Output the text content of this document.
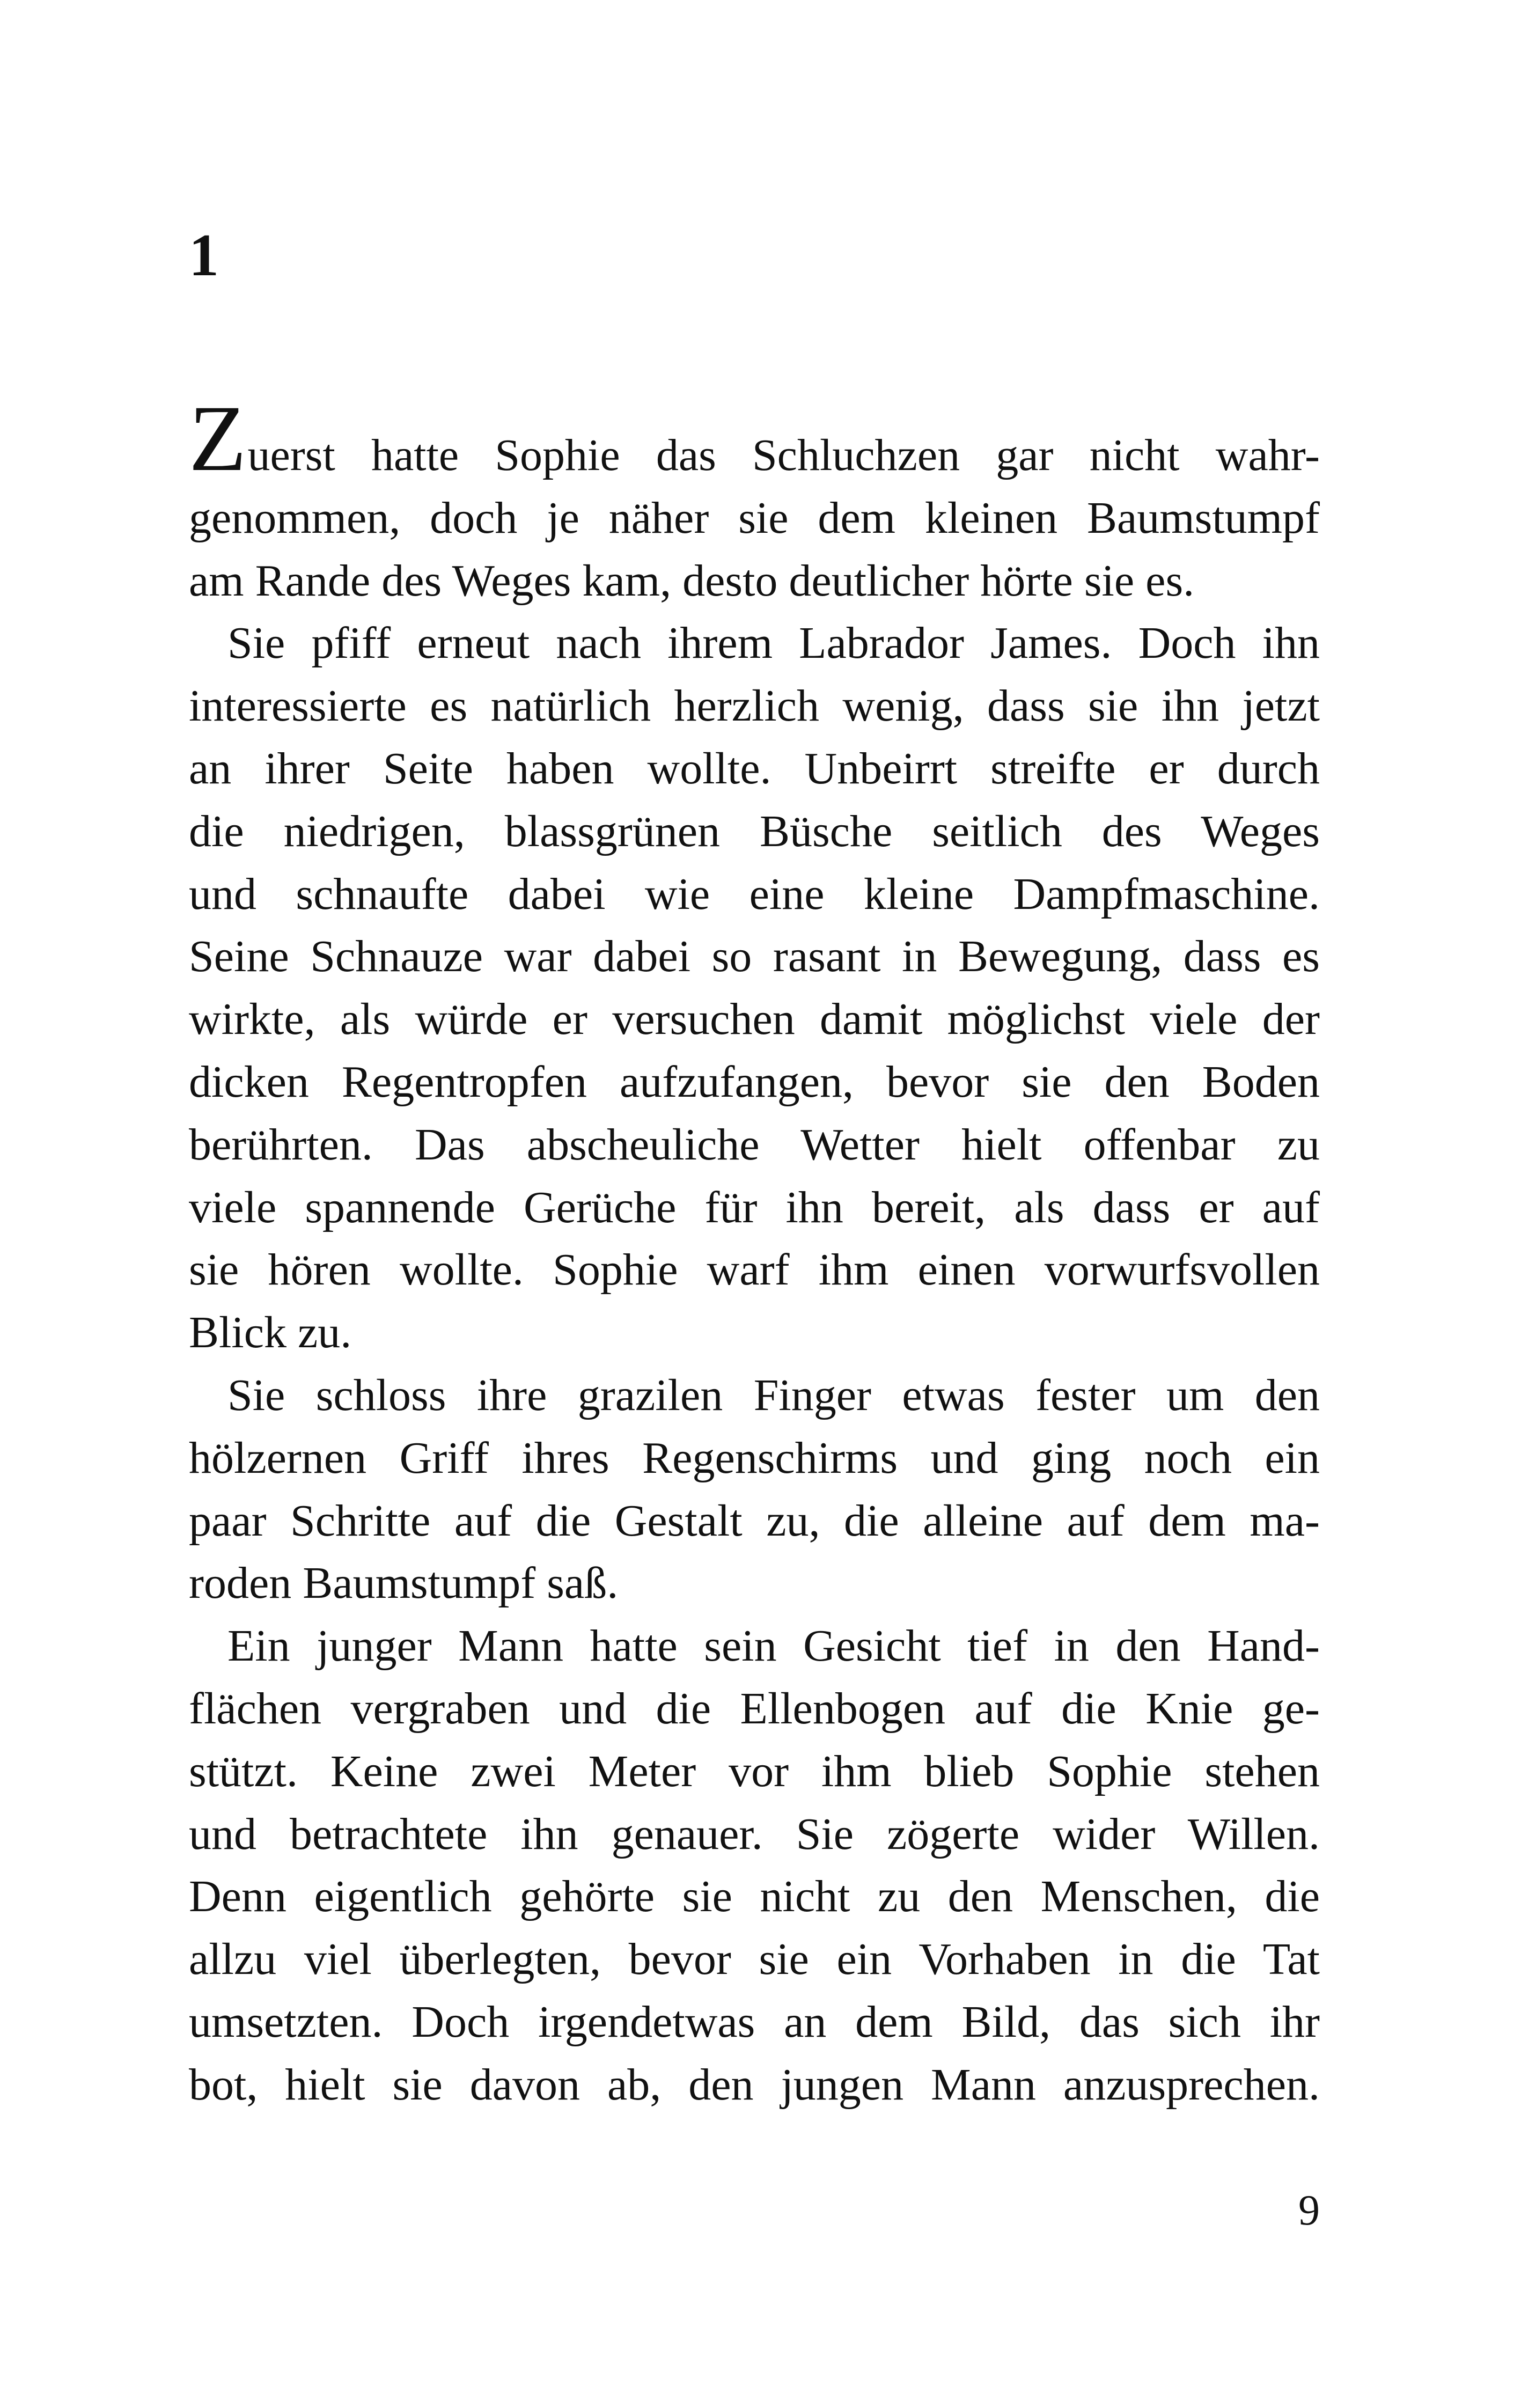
1
Zuerst hatte Sophie das Schluchzen gar nicht wahr-
genommen, doch je näher sie dem kleinen Baumstumpf
am Rande des Weges kam, desto deutlicher hörte sie es.
Sie pfiff erneut nach ihrem Labrador James. Doch ihn
interessierte es natürlich herzlich wenig, dass sie ihn jetzt
an ihrer Seite haben wollte. Unbeirrt streifte er durch
die niedrigen, blassgrünen Büsche seitlich des Weges
und schnaufte dabei wie eine kleine Dampfmaschine.
Seine Schnauze war dabei so rasant in Bewegung, dass es
wirkte, als würde er versuchen damit möglichst viele der
dicken Regentropfen aufzufangen, bevor sie den Boden
berührten. Das abscheuliche Wetter hielt offenbar zu
viele spannende Gerüche für ihn bereit, als dass er auf
sie hören wollte. Sophie warf ihm einen vorwurfsvollen
Blick zu.
Sie schloss ihre grazilen Finger etwas fester um den
hölzernen Griff ihres Regenschirms und ging noch ein
paar Schritte auf die Gestalt zu, die alleine auf dem ma-
roden Baumstumpf saß.
Ein junger Mann hatte sein Gesicht tief in den Hand-
flächen vergraben und die Ellenbogen auf die Knie ge-
stützt. Keine zwei Meter vor ihm blieb Sophie stehen
und betrachtete ihn genauer. Sie zögerte wider Willen.
Denn eigentlich gehörte sie nicht zu den Menschen, die
allzu viel überlegten, bevor sie ein Vorhaben in die Tat
umsetzten. Doch irgendetwas an dem Bild, das sich ihr
bot, hielt sie davon ab, den jungen Mann anzusprechen.
9
